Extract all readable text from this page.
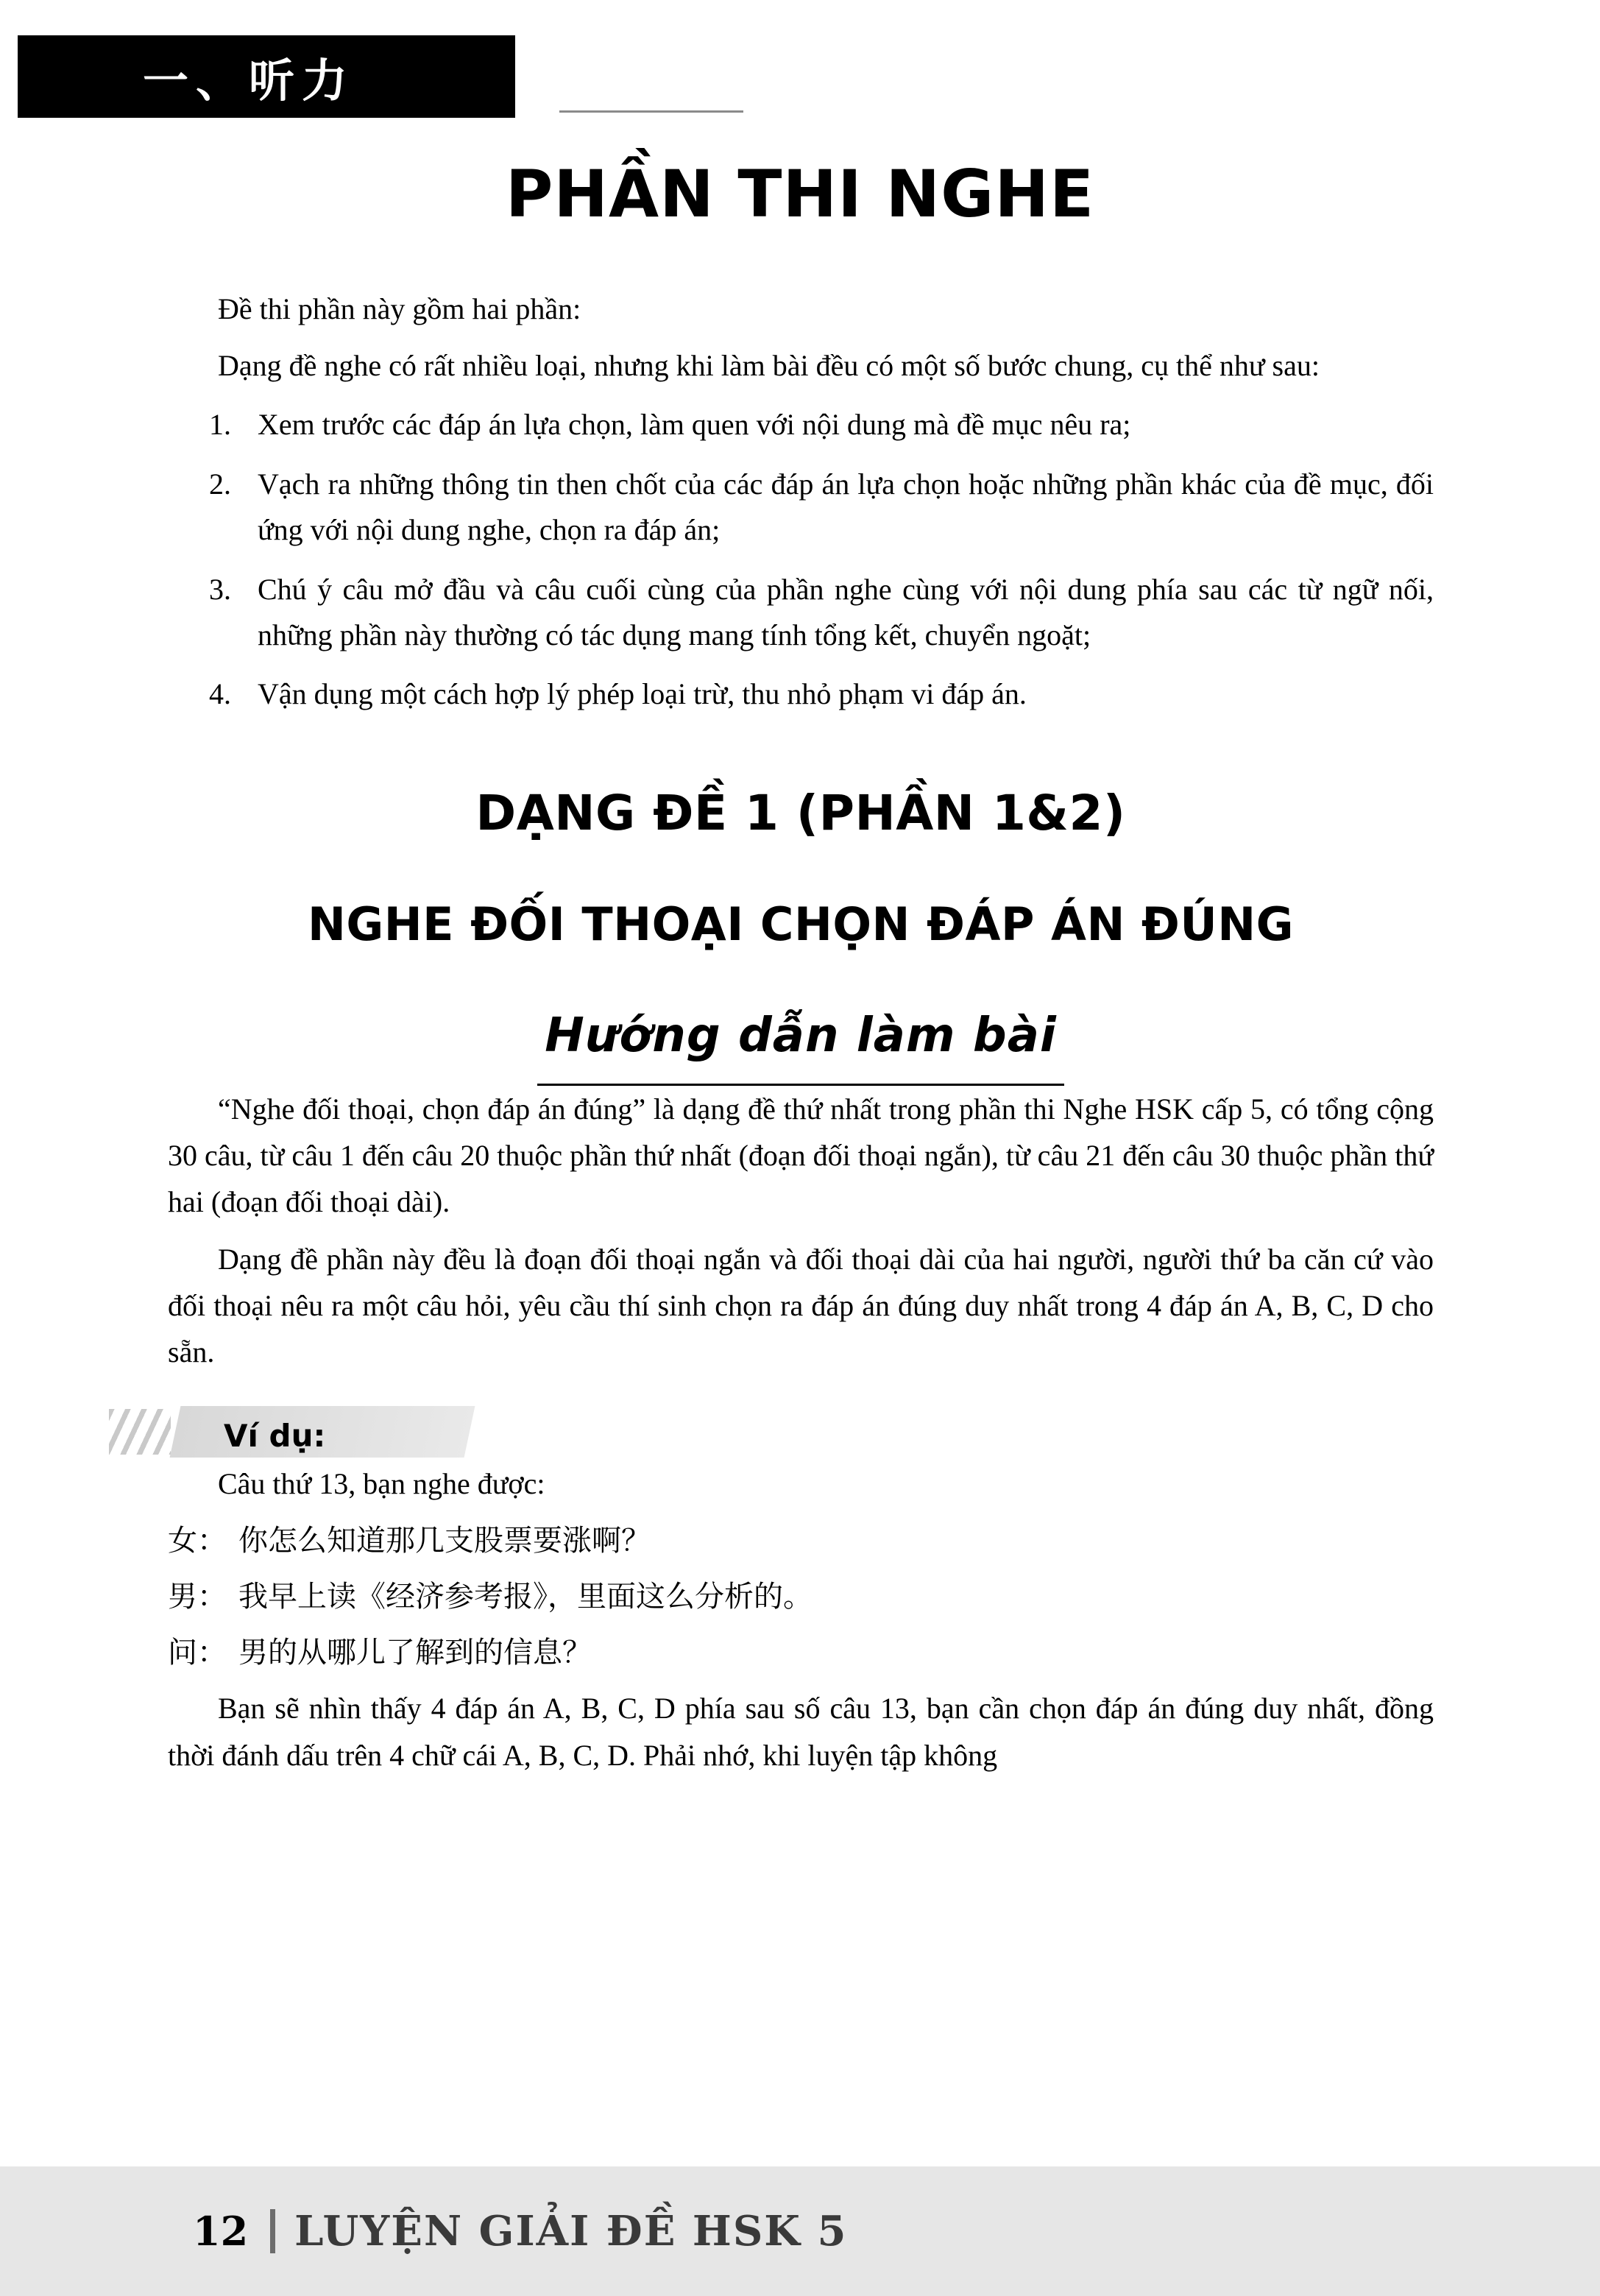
一、听力
PHẦN THI NGHE

Đề thi phần này gồm hai phần:

Dạng đề nghe có rất nhiều loại, nhưng khi làm bài đều có một số bước chung, cụ thể như sau:

1. Xem trước các đáp án lựa chọn, làm quen với nội dung mà đề mục nêu ra;
2. Vạch ra những thông tin then chốt của các đáp án lựa chọn hoặc những phần khác của đề mục, đối ứng với nội dung nghe, chọn ra đáp án;
3. Chú ý câu mở đầu và câu cuối cùng của phần nghe cùng với nội dung phía sau các từ ngữ nối, những phần này thường có tác dụng mang tính tổng kết, chuyển ngoặt;
4. Vận dụng một cách hợp lý phép loại trừ, thu nhỏ phạm vi đáp án.
DẠNG ĐỀ 1 (PHẦN 1&2)
NGHE ĐỐI THOẠI CHỌN ĐÁP ÁN ĐÚNG
Hướng dẫn làm bài

“Nghe đối thoại, chọn đáp án đúng” là dạng đề thứ nhất trong phần thi Nghe HSK cấp 5, có tổng cộng 30 câu, từ câu 1 đến câu 20 thuộc phần thứ nhất (đoạn đối thoại ngắn), từ câu 21 đến câu 30 thuộc phần thứ hai (đoạn đối thoại dài).

Dạng đề phần này đều là đoạn đối thoại ngắn và đối thoại dài của hai người, người thứ ba căn cứ vào đối thoại nêu ra một câu hỏi, yêu cầu thí sinh chọn ra đáp án đúng duy nhất trong 4 đáp án A, B, C, D cho sẵn.

Ví dụ:

Câu thứ 13, bạn nghe được:

女： 你怎么知道那几支股票要涨啊？

男： 我早上读《经济参考报》，里面这么分析的。

问： 男的从哪儿了解到的信息？

Bạn sẽ nhìn thấy 4 đáp án A, B, C, D phía sau số câu 13, bạn cần chọn đáp án đúng duy nhất, đồng thời đánh dấu trên 4 chữ cái A, B, C, D. Phải nhớ, khi luyện tập không

12 LUYỆN GIẢI ĐỀ HSK 5
